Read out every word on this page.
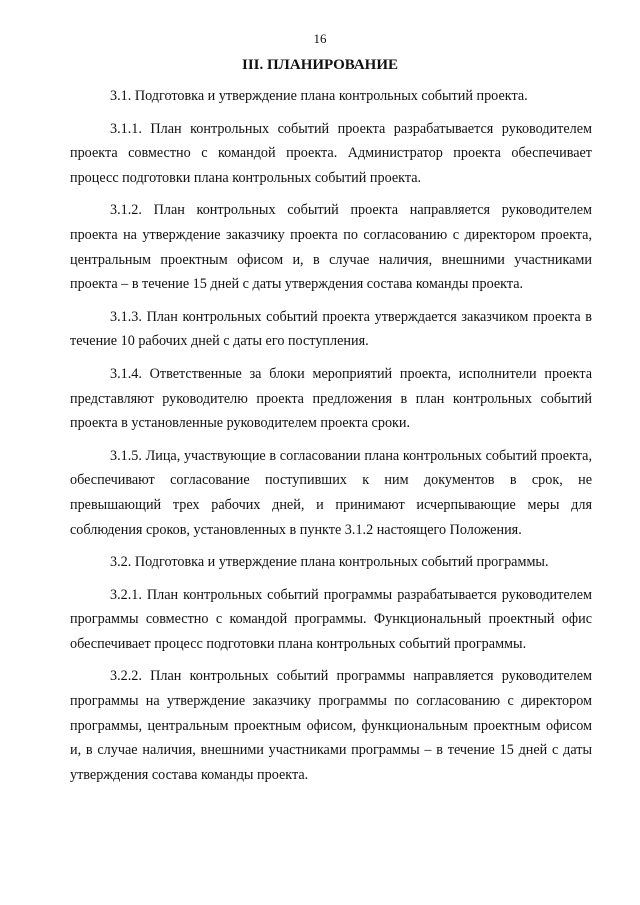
16
III. ПЛАНИРОВАНИЕ

3.1. Подготовка и утверждение плана контрольных событий проекта.

3.1.1. План контрольных событий проекта разрабатывается руководителем проекта совместно с командой проекта. Администратор проекта обеспечивает процесс подготовки плана контрольных событий проекта.

3.1.2. План контрольных событий проекта направляется руководителем проекта на утверждение заказчику проекта по согласованию с директором проекта, центральным проектным офисом и, в случае наличия, внешними участниками проекта – в течение 15 дней с даты утверждения состава команды проекта.

3.1.3. План контрольных событий проекта утверждается заказчиком проекта в течение 10 рабочих дней с даты его поступления.

3.1.4. Ответственные за блоки мероприятий проекта, исполнители проекта представляют руководителю проекта предложения в план контрольных событий проекта в установленные руководителем проекта сроки.

3.1.5. Лица, участвующие в согласовании плана контрольных событий проекта, обеспечивают согласование поступивших к ним документов в срок, не превышающий трех рабочих дней, и принимают исчерпывающие меры для соблюдения сроков, установленных в пункте 3.1.2 настоящего Положения.

3.2. Подготовка и утверждение плана контрольных событий программы.

3.2.1. План контрольных событий программы разрабатывается руководителем программы совместно с командой программы. Функциональный проектный офис обеспечивает процесс подготовки плана контрольных событий программы.

3.2.2. План контрольных событий программы направляется руководителем программы на утверждение заказчику программы по согласованию с директором программы, центральным проектным офисом, функциональным проектным офисом и, в случае наличия, внешними участниками программы – в течение 15 дней с даты утверждения состава команды проекта.
